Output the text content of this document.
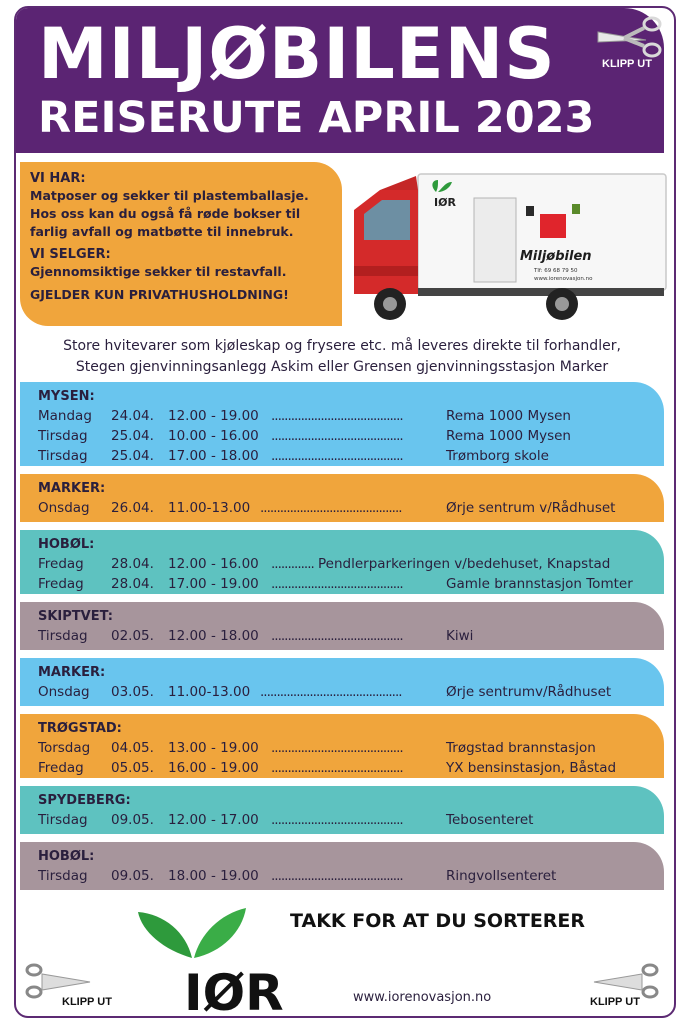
MILJØBILENS
REISERUTE APRIL 2023
KLIPP UT
VI HAR:
Matposer og sekker til plastemballasje.
Hos oss kan du også få røde bokser til
farlig avfall og matbøtte til innebruk.
VI SELGER:
Gjennomsiktige sekker til restavfall.
GJELDER KUN PRIVATHUSHOLDNING!
IØR
Miljøbilen
Tlf: 69 68 79 50
www.iorenovasjon.no
Store hvitevarer som kjøleskap og frysere etc. må leveres direkte til forhandler,
Stegen gjenvinningsanlegg Askim eller Grensen gjenvinningsstasjon Marker
MYSEN:
Mandag 24.04. 12.00 - 19.00 ........................................	Rema 1000 Mysen
Tirsdag 25.04. 10.00 - 16.00 ........................................	Rema 1000 Mysen
Tirsdag 25.04. 17.00 - 18.00 ........................................	Trømborg skole
MARKER:
Onsdag 26.04. 11.00-13.00 ...........................................	Ørje sentrum v/Rådhuset
HOBØL:
Fredag 28.04. 12.00 - 16.00 ............. Pendlerparkeringen v/bedehuset, Knapstad
Fredag 28.04. 17.00 - 19.00 ........................................	Gamle brannstasjon Tomter
SKIPTVET:
Tirsdag 02.05. 12.00 - 18.00 ........................................	Kiwi
MARKER:
Onsdag 03.05. 11.00-13.00 ...........................................	Ørje sentrumv/Rådhuset
TRØGSTAD:
Torsdag 04.05. 13.00 - 19.00 ........................................	Trøgstad brannstasjon
Fredag 05.05. 16.00 - 19.00 ........................................	YX bensinstasjon, Båstad
SPYDEBERG:
Tirsdag 09.05. 12.00 - 17.00 ........................................	Tebosenteret
HOBØL:
Tirsdag 09.05. 18.00 - 19.00 ........................................	Ringvollsenteret
IØR
TAKK FOR AT DU SORTERER
www.iorenovasjon.no
KLIPP UT	KLIPP UT
